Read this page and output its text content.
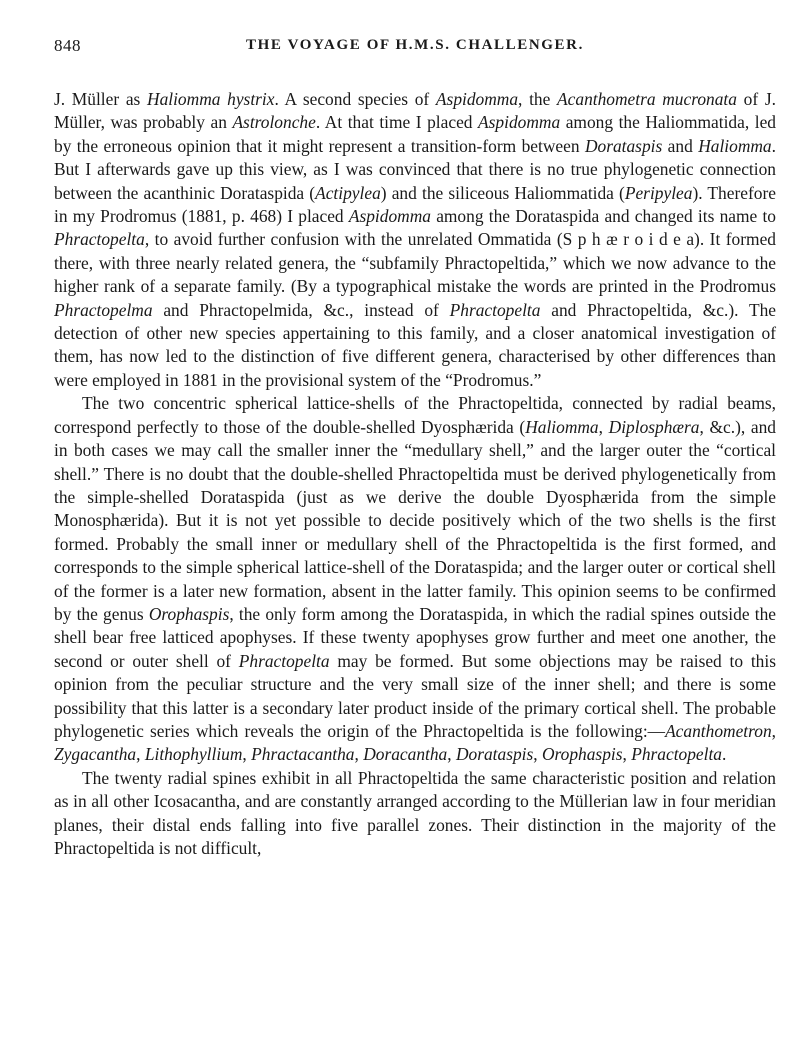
848	THE VOYAGE OF H.M.S. CHALLENGER.

J. Müller as Haliomma hystrix. A second species of Aspidomma, the Acanthometra mucronata of J. Müller, was probably an Astrolonche. At that time I placed Aspidomma among the Haliommatida, led by the erroneous opinion that it might represent a transition-form between Dorataspis and Haliomma. But I afterwards gave up this view, as I was convinced that there is no true phylogenetic connection between the acanthinic Dorataspida (Actipylea) and the siliceous Haliommatida (Peripylea). Therefore in my Prodromus (1881, p. 468) I placed Aspidomma among the Dorataspida and changed its name to Phractopelta, to avoid further confusion with the unrelated Ommatida (S p h æ r o i d e a). It formed there, with three nearly related genera, the “subfamily Phractopeltida,” which we now advance to the higher rank of a separate family. (By a typographical mistake the words are printed in the Prodromus Phractopelma and Phractopelmida, &c., instead of Phractopelta and Phractopeltida, &c.). The detection of other new species appertaining to this family, and a closer anatomical investigation of them, has now led to the distinction of five different genera, characterised by other differences than were employed in 1881 in the provisional system of the “Prodromus.”

The two concentric spherical lattice-shells of the Phractopeltida, connected by radial beams, correspond perfectly to those of the double-shelled Dyosphærida (Haliomma, Diplosphæra, &c.), and in both cases we may call the smaller inner the “medullary shell,” and the larger outer the “cortical shell.” There is no doubt that the double-shelled Phractopeltida must be derived phylogenetically from the simple-shelled Dorataspida (just as we derive the double Dyosphærida from the simple Monosphærida). But it is not yet possible to decide positively which of the two shells is the first formed. Probably the small inner or medullary shell of the Phractopeltida is the first formed, and corresponds to the simple spherical lattice-shell of the Dorataspida; and the larger outer or cortical shell of the former is a later new formation, absent in the latter family. This opinion seems to be confirmed by the genus Orophaspis, the only form among the Dorataspida, in which the radial spines outside the shell bear free latticed apophyses. If these twenty apophyses grow further and meet one another, the second or outer shell of Phractopelta may be formed. But some objections may be raised to this opinion from the peculiar structure and the very small size of the inner shell; and there is some possibility that this latter is a secondary later product inside of the primary cortical shell. The probable phylogenetic series which reveals the origin of the Phractopeltida is the following:—Acanthometron, Zygacantha, Lithophyllium, Phractacantha, Doracantha, Dorataspis, Orophaspis, Phractopelta.

The twenty radial spines exhibit in all Phractopeltida the same characteristic position and relation as in all other Icosacantha, and are constantly arranged according to the Müllerian law in four meridian planes, their distal ends falling into five parallel zones. Their distinction in the majority of the Phractopeltida is not difficult,
